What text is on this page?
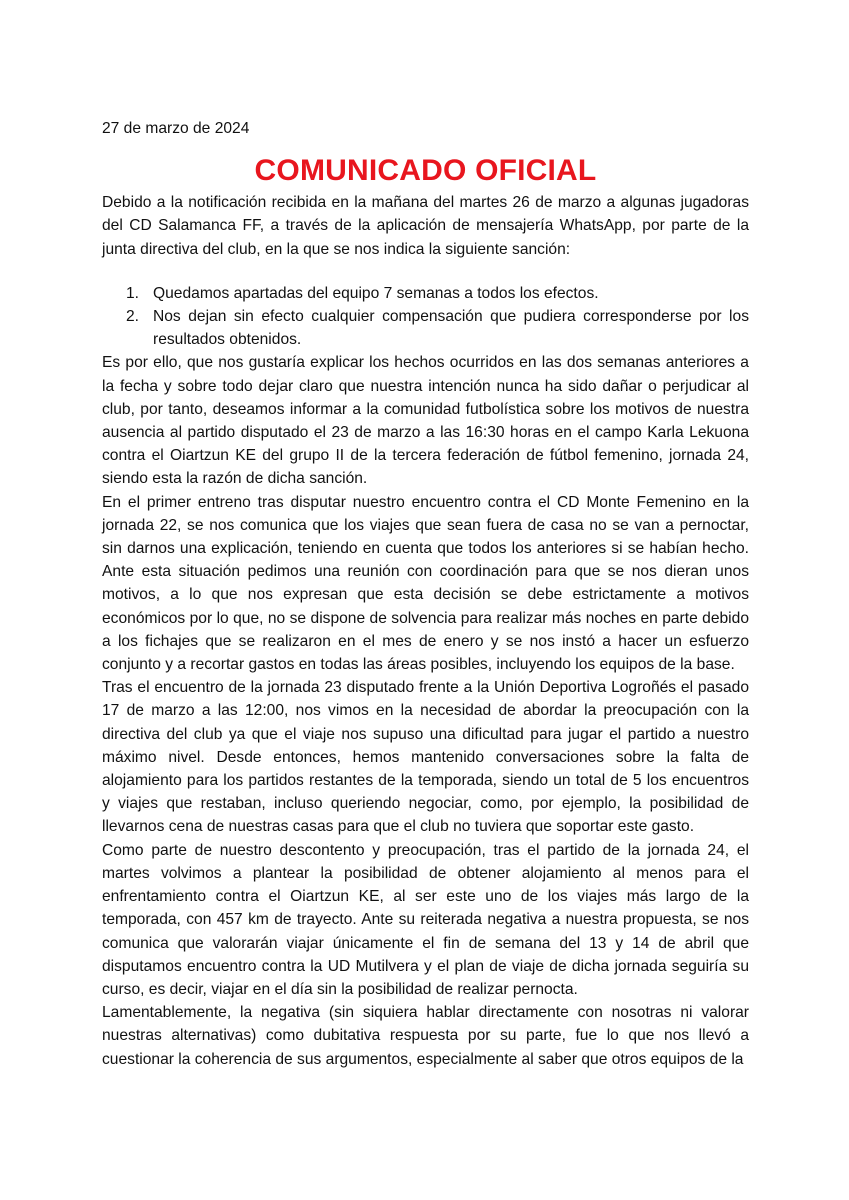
27 de marzo de 2024

COMUNICADO OFICIAL

Debido a la notificación recibida en la mañana del martes 26 de marzo a algunas jugadoras del CD Salamanca FF, a través de la aplicación de mensajería WhatsApp, por parte de la junta directiva del club, en la que se nos indica la siguiente sanción:

1. Quedamos apartadas del equipo 7 semanas a todos los efectos.
2. Nos dejan sin efecto cualquier compensación que pudiera corresponderse por los resultados obtenidos.

Es por ello, que nos gustaría explicar los hechos ocurridos en las dos semanas anteriores a la fecha y sobre todo dejar claro que nuestra intención nunca ha sido dañar o perjudicar al club, por tanto, deseamos informar a la comunidad futbolística sobre los motivos de nuestra ausencia al partido disputado el 23 de marzo a las 16:30 horas en el campo Karla Lekuona contra el Oiartzun KE del grupo II de la tercera federación de fútbol femenino, jornada 24, siendo esta la razón de dicha sanción.

En el primer entreno tras disputar nuestro encuentro contra el CD Monte Femenino en la jornada 22, se nos comunica que los viajes que sean fuera de casa no se van a pernoctar, sin darnos una explicación, teniendo en cuenta que todos los anteriores si se habían hecho. Ante esta situación pedimos una reunión con coordinación para que se nos dieran unos motivos, a lo que nos expresan que esta decisión se debe estrictamente a motivos económicos por lo que, no se dispone de solvencia para realizar más noches en parte debido a los fichajes que se realizaron en el mes de enero y se nos instó a hacer un esfuerzo conjunto y a recortar gastos en todas las áreas posibles, incluyendo los equipos de la base.

Tras el encuentro de la jornada 23 disputado frente a la Unión Deportiva Logroñés el pasado 17 de marzo a las 12:00, nos vimos en la necesidad de abordar la preocupación con la directiva del club ya que el viaje nos supuso una dificultad para jugar el partido a nuestro máximo nivel. Desde entonces, hemos mantenido conversaciones sobre la falta de alojamiento para los partidos restantes de la temporada, siendo un total de 5 los encuentros y viajes que restaban, incluso queriendo negociar, como, por ejemplo, la posibilidad de llevarnos cena de nuestras casas para que el club no tuviera que soportar este gasto.

Como parte de nuestro descontento y preocupación, tras el partido de la jornada 24, el martes volvimos a plantear la posibilidad de obtener alojamiento al menos para el enfrentamiento contra el Oiartzun KE, al ser este uno de los viajes más largo de la temporada, con 457 km de trayecto. Ante su reiterada negativa a nuestra propuesta, se nos comunica que valorarán viajar únicamente el fin de semana del 13 y 14 de abril que disputamos encuentro contra la UD Mutilvera y el plan de viaje de dicha jornada seguiría su curso, es decir, viajar en el día sin la posibilidad de realizar pernocta.

Lamentablemente, la negativa (sin siquiera hablar directamente con nosotras ni valorar nuestras alternativas) como dubitativa respuesta por su parte, fue lo que nos llevó a cuestionar la coherencia de sus argumentos, especialmente al saber que otros equipos de la
